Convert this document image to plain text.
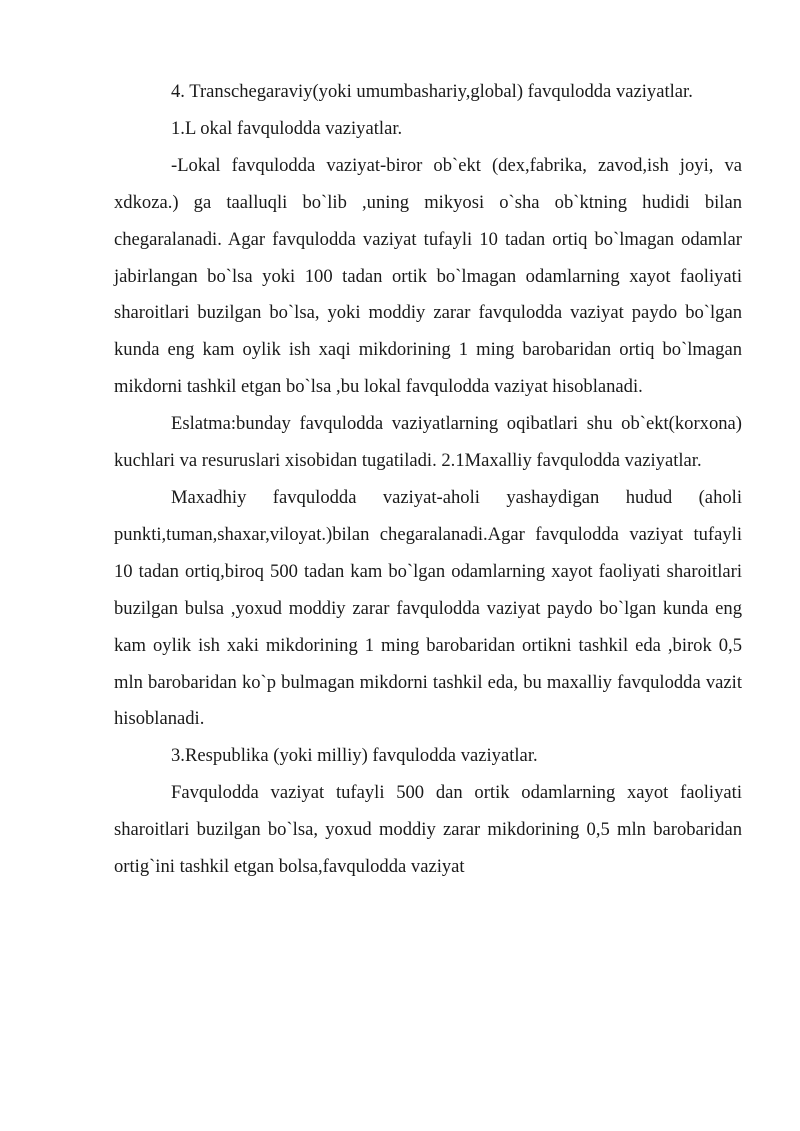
4. Transchegaraviy(yoki umumbashariy,global) favqulodda vaziyatlar.

1.L okal favqulodda vaziyatlar.

-Lokal favqulodda vaziyat-biror ob`ekt (dex,fabrika, zavod,ish joyi, va xdkoza.) ga taalluqli bo`lib ,uning mikyosi o`sha ob`ktning hudidi bilan chegaralanadi. Agar favqulodda vaziyat tufayli 10 tadan ortiq bo`lmagan odamlar jabirlangan bo`lsa yoki 100 tadan ortik bo`lmagan odamlarning xayot faoliyati sharoitlari buzilgan bo`lsa, yoki moddiy zarar favqulodda vaziyat paydo bo`lgan kunda eng kam oylik ish xaqi mikdorining 1 ming barobaridan ortiq bo`lmagan mikdorni tashkil etgan bo`lsa ,bu lokal favqulodda vaziyat hisoblanadi.

Eslatma:bunday favqulodda vaziyatlarning oqibatlari shu ob`ekt(korxona) kuchlari va resuruslari xisobidan tugatiladi. 2.1Maxalliy favqulodda vaziyatlar.

Maxadhiy favqulodda vaziyat-aholi yashaydigan hudud (aholi punkti,tuman,shaxar,viloyat.)bilan chegaralanadi.Agar favqulodda vaziyat tufayli 10 tadan ortiq,biroq 500 tadan kam bo`lgan odamlarning xayot faoliyati sharoitlari buzilgan bulsa ,yoxud moddiy zarar favqulodda vaziyat paydo bo`lgan kunda eng kam oylik ish xaki mikdorining 1 ming barobaridan ortikni tashkil eda ,birok 0,5 mln barobaridan ko`p bulmagan mikdorni tashkil eda, bu maxalliy favqulodda vazit hisoblanadi.

3.Respublika (yoki milliy) favqulodda vaziyatlar.

Favqulodda vaziyat tufayli 500 dan ortik odamlarning xayot faoliyati sharoitlari buzilgan bo`lsa, yoxud moddiy zarar mikdorining 0,5 mln barobaridan ortig`ini tashkil etgan bolsa,favqulodda vaziyat
